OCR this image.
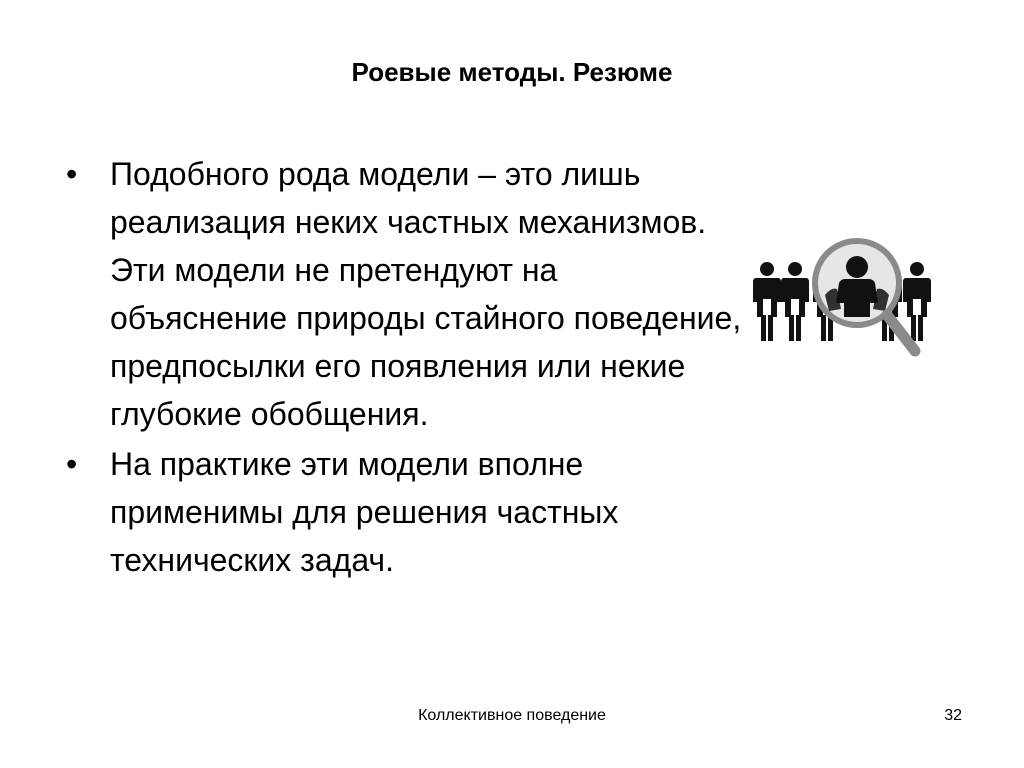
Роевые методы. Резюме
• Подобного рода модели – это лишь реализация неких частных механизмов. Эти модели не претендуют на объяснение природы стайного поведение, предпосылки его появления или некие глубокие обобщения.
• На практике эти модели вполне применимы для решения частных технических задач.
Коллективное поведение	32
